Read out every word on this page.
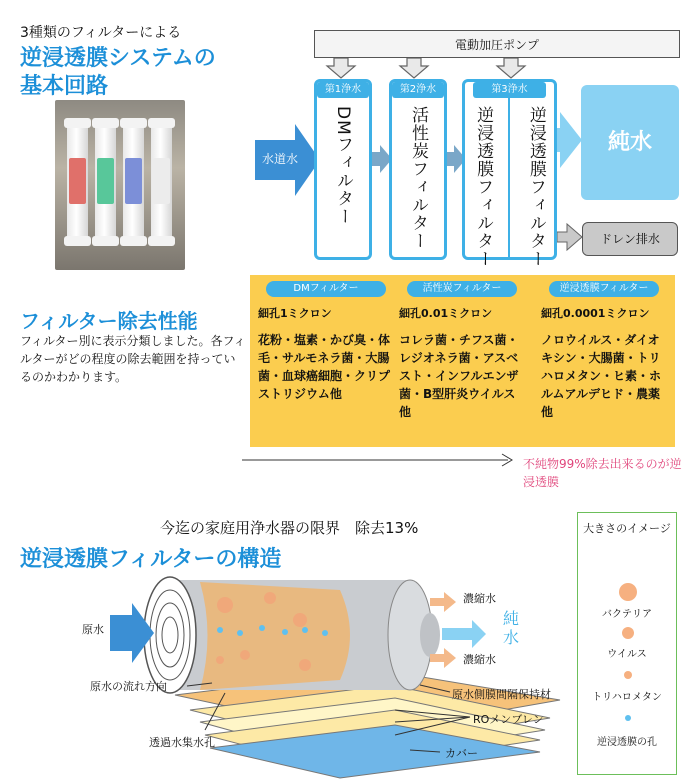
3種類のフィルターによる
逆浸透膜システムの
基本回路
電動加圧ポンプ
水道水
第1浄水
DMフィルター
第2浄水
活性炭フィルター
第3浄水
逆浸透膜フィルター 逆浸透膜フィルター	純水
ドレン排水
フィルター除去性能
フィルター別に表示分類しました。各フィルターがどの程度の除去範囲を持っているのかわかります。
DMフィルター
細孔1ミクロン
花粉・塩素・かび臭・体毛・サルモネラ菌・大腸菌・血球癌細胞・クリプストリジウム他
活性炭フィルター
細孔0.01ミクロン
コレラ菌・チフス菌・レジオネラ菌・アスベスト・インフルエンザ菌・B型肝炎ウイルス他
逆浸透膜フィルター
細孔0.0001ミクロン
ノロウイルス・ダイオキシン・大腸菌・トリハロメタン・ヒ素・ホルムアルデヒド・農薬他
不純物99%除去出来るのが逆浸透膜
今迄の家庭用浄水器の限界　除去13%
逆浸透膜フィルターの構造
原水
濃縮水
濃縮水
純水
原水の流れ方向
原水側膜間隔保持材
ROメンブレン
透過水集水孔
カバー
大きさのイメージ
バクテリア
ウイルス
トリハロメタン
逆浸透膜の孔
